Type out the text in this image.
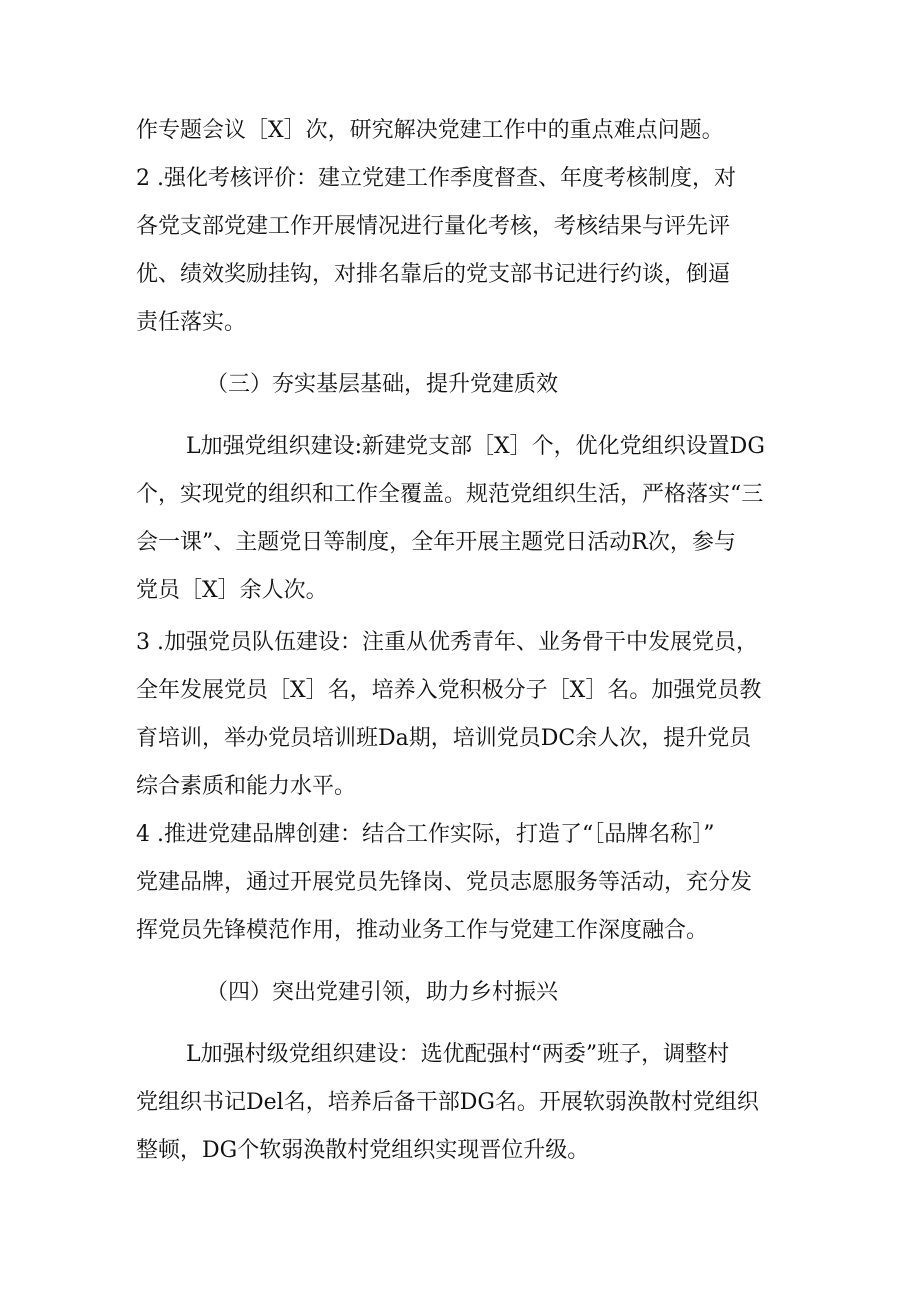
作专题会议［X］次，研究解决党建工作中的重点难点问题。
2 .强化考核评价：建立党建工作季度督查、年度考核制度，对
各党支部党建工作开展情况进行量化考核，考核结果与评先评
优、绩效奖励挂钩，对排名靠后的党支部书记进行约谈，倒逼
责任落实。
（三）夯实基层基础，提升党建质效
L加强党组织建设:新建党支部［X］个，优化党组织设置DG
个，实现党的组织和工作全覆盖。规范党组织生活，严格落实“三
会一课”、主题党日等制度，全年开展主题党日活动R次，参与
党员［X］余人次。
3 .加强党员队伍建设：注重从优秀青年、业务骨干中发展党员，
全年发展党员［X］名，培养入党积极分子［X］名。加强党员教
育培训，举办党员培训班Da期，培训党员DC余人次，提升党员
综合素质和能力水平。
4 .推进党建品牌创建：结合工作实际，打造了“［品牌名称］”
党建品牌，通过开展党员先锋岗、党员志愿服务等活动，充分发
挥党员先锋模范作用，推动业务工作与党建工作深度融合。
（四）突出党建引领，助力乡村振兴
L加强村级党组织建设：选优配强村“两委”班子，调整村
党组织书记Del名，培养后备干部DG名。开展软弱涣散村党组织
整顿，DG个软弱涣散村党组织实现晋位升级。
